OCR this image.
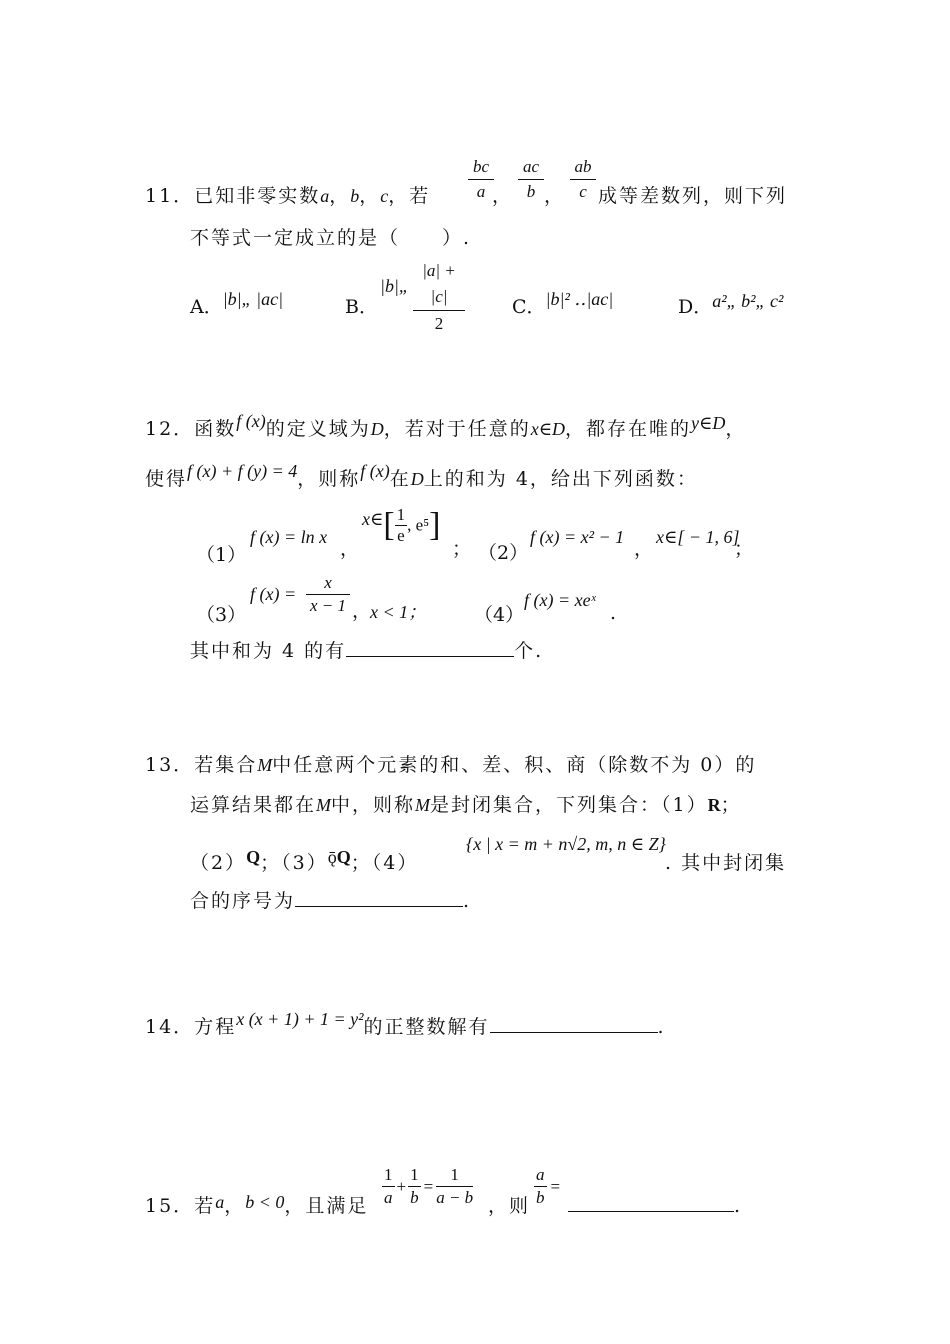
bc
a
11．已知非零实数a，b，c，若
ac
b
ab
c
， ， 成等差数列，则下列
不等式一定成立的是（　　）.
A．|b|„ |ac|	B．
|b|„
|a| + |c|
2
C．|b|² ‥|ac|	D．a²„ b²„ c²
12．函数f (x)的定义域为D，若对于任意的x∈D，都存在唯的y∈D，
使得f (x) + f (y) = 4，则称f (x)在D上的和为 4，给出下列函数：
（1）
f (x) = ln x
，
x∈[ $\frac{1}{e}$ , e⁵]
； （2）
f (x) = x² − 1
，
x∈[ − 1, 6]
；
（3）
f (x) =
x
x − 1 ，
x < 1；	（4）
f (x) = xeˣ
.
其中和为 4 的有	个.
13．若集合M中任意两个元素的和、差、积、商（除数不为 0）的
运算结果都在M中，则称M是封闭集合，下列集合：（1）R；
（2）Q；（3）ǭQ；（4）
{x | x = m + n√2, m, n ∈ Z}
. 其中封闭集
合的序号为	.
14．方程x (x + 1) + 1 = y²的正整数解有	.
15．若a，b < 0，且满足 $\frac{1}{a} + \frac{1}{b} = \frac{1}{a - b}$ ，则 $\frac{a}{b}$ =
.
